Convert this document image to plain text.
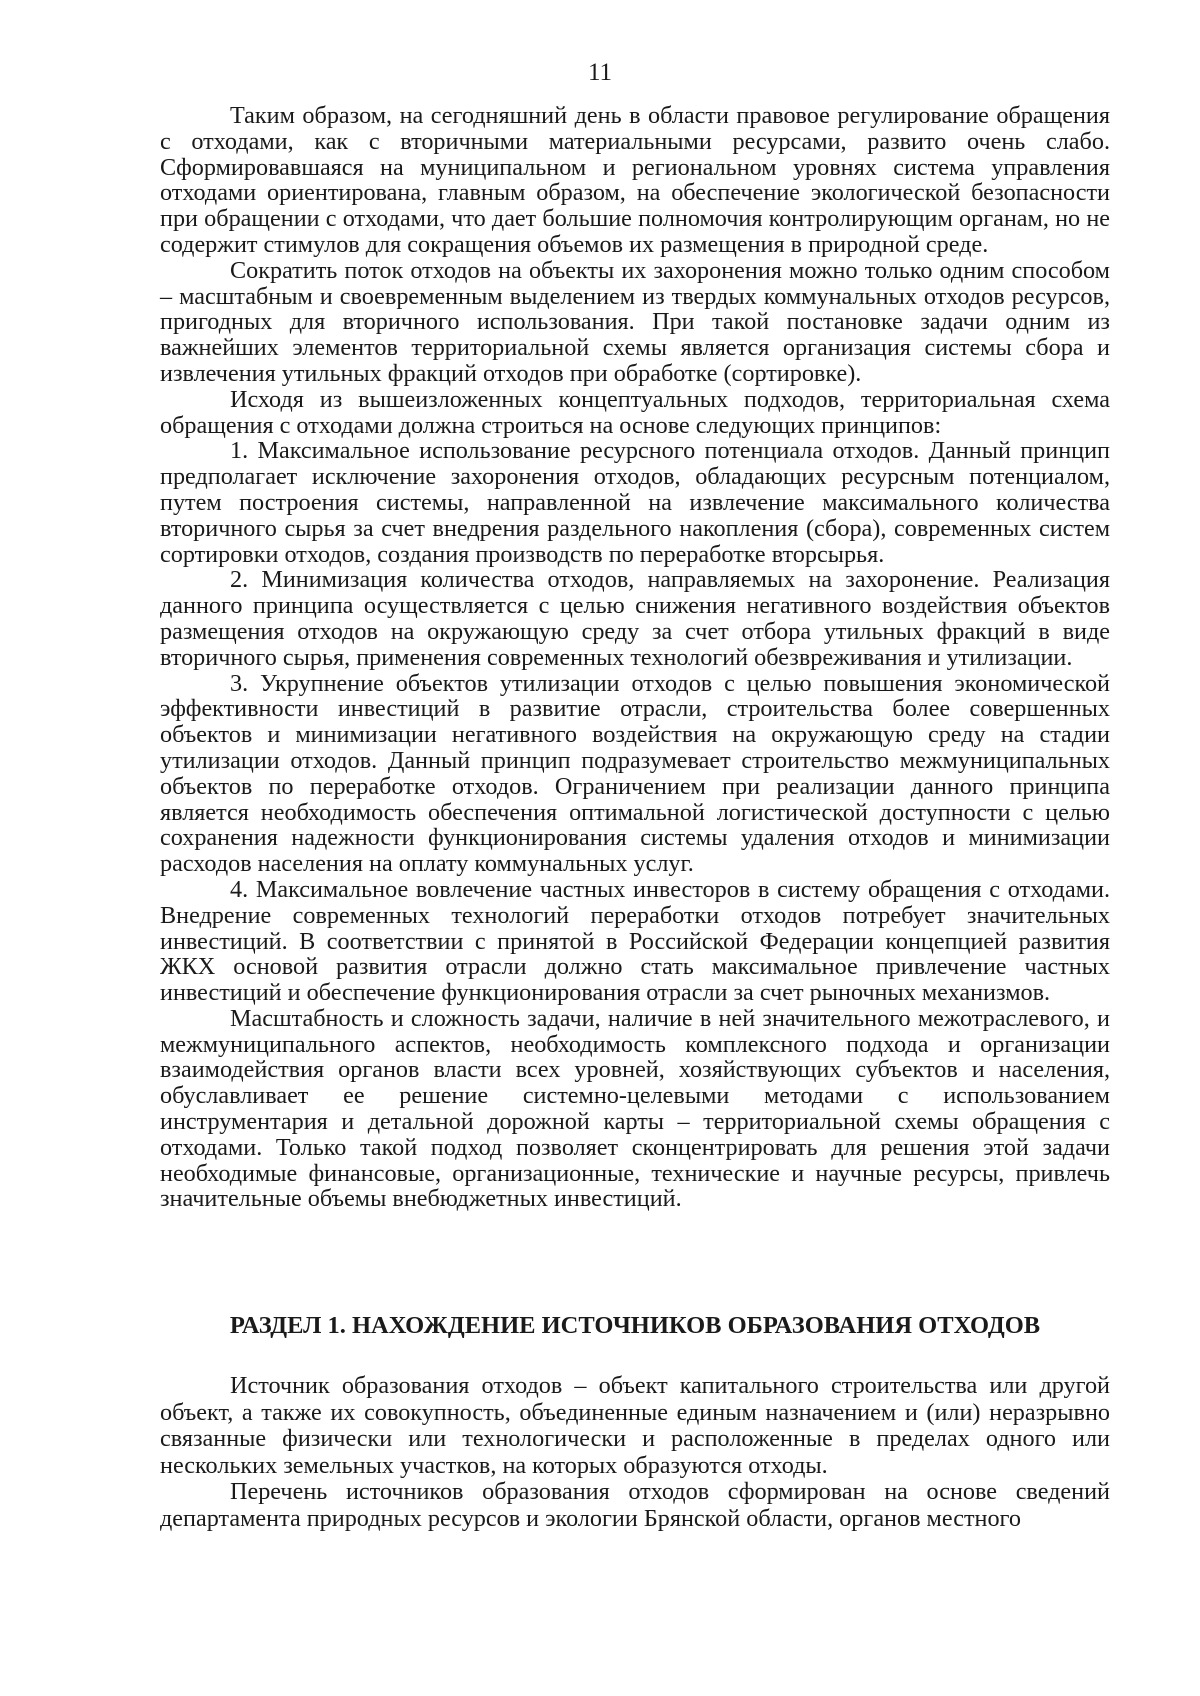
11

Таким образом, на сегодняшний день в области правовое регулирование обращения с отходами, как с вторичными материальными ресурсами, развито очень слабо. Сформировавшаяся на муниципальном и региональном уровнях система управления отходами ориентирована, главным образом, на обеспечение экологической безопасности при обращении с отходами, что дает большие полномочия контролирующим органам, но не содержит стимулов для сокращения объемов их размещения в природной среде.

Сократить поток отходов на объекты их захоронения можно только одним способом – масштабным и своевременным выделением из твердых коммунальных отходов ресурсов, пригодных для вторичного использования. При такой постановке задачи одним из важнейших элементов территориальной схемы является организация системы сбора и извлечения утильных фракций отходов при обработке (сортировке).

Исходя из вышеизложенных концептуальных подходов, территориальная схема обращения с отходами должна строиться на основе следующих принципов:

1. Максимальное использование ресурсного потенциала отходов. Данный принцип предполагает исключение захоронения отходов, обладающих ресурсным потенциалом, путем построения системы, направленной на извлечение максимального количества вторичного сырья за счет внедрения раздельного накопления (сбора), современных систем сортировки отходов, создания производств по переработке вторсырья.

2. Минимизация количества отходов, направляемых на захоронение. Реализация данного принципа осуществляется с целью снижения негативного воздействия объектов размещения отходов на окружающую среду за счет отбора утильных фракций в виде вторичного сырья, применения современных технологий обезвреживания и утилизации.

3. Укрупнение объектов утилизации отходов с целью повышения экономической эффективности инвестиций в развитие отрасли, строительства более совершенных объектов и минимизации негативного воздействия на окружающую среду на стадии утилизации отходов. Данный принцип подразумевает строительство межмуниципальных объектов по переработке отходов. Ограничением при реализации данного принципа является необходимость обеспечения оптимальной логистической доступности с целью сохранения надежности функционирования системы удаления отходов и минимизации расходов населения на оплату коммунальных услуг.

4. Максимальное вовлечение частных инвесторов в систему обращения с отходами. Внедрение современных технологий переработки отходов потребует значительных инвестиций. В соответствии с принятой в Российской Федерации концепцией развития ЖКХ основой развития отрасли должно стать максимальное привлечение частных инвестиций и обеспечение функционирования отрасли за счет рыночных механизмов.

Масштабность и сложность задачи, наличие в ней значительного межотраслевого, и межмуниципального аспектов, необходимость комплексного подхода и организации взаимодействия органов власти всех уровней, хозяйствующих субъектов и населения, обуславливает ее решение системно-целевыми методами с использованием инструментария и детальной дорожной карты – территориальной схемы обращения с отходами. Только такой подход позволяет сконцентрировать для решения этой задачи необходимые финансовые, организационные, технические и научные ресурсы, привлечь значительные объемы внебюджетных инвестиций.

РАЗДЕЛ 1. НАХОЖДЕНИЕ ИСТОЧНИКОВ ОБРАЗОВАНИЯ ОТХОДОВ

Источник образования отходов – объект капитального строительства или другой объект, а также их совокупность, объединенные единым назначением и (или) неразрывно связанные физически или технологически и расположенные в пределах одного или нескольких земельных участков, на которых образуются отходы.

Перечень источников образования отходов сформирован на основе сведений департамента природных ресурсов и экологии Брянской области, органов местного
